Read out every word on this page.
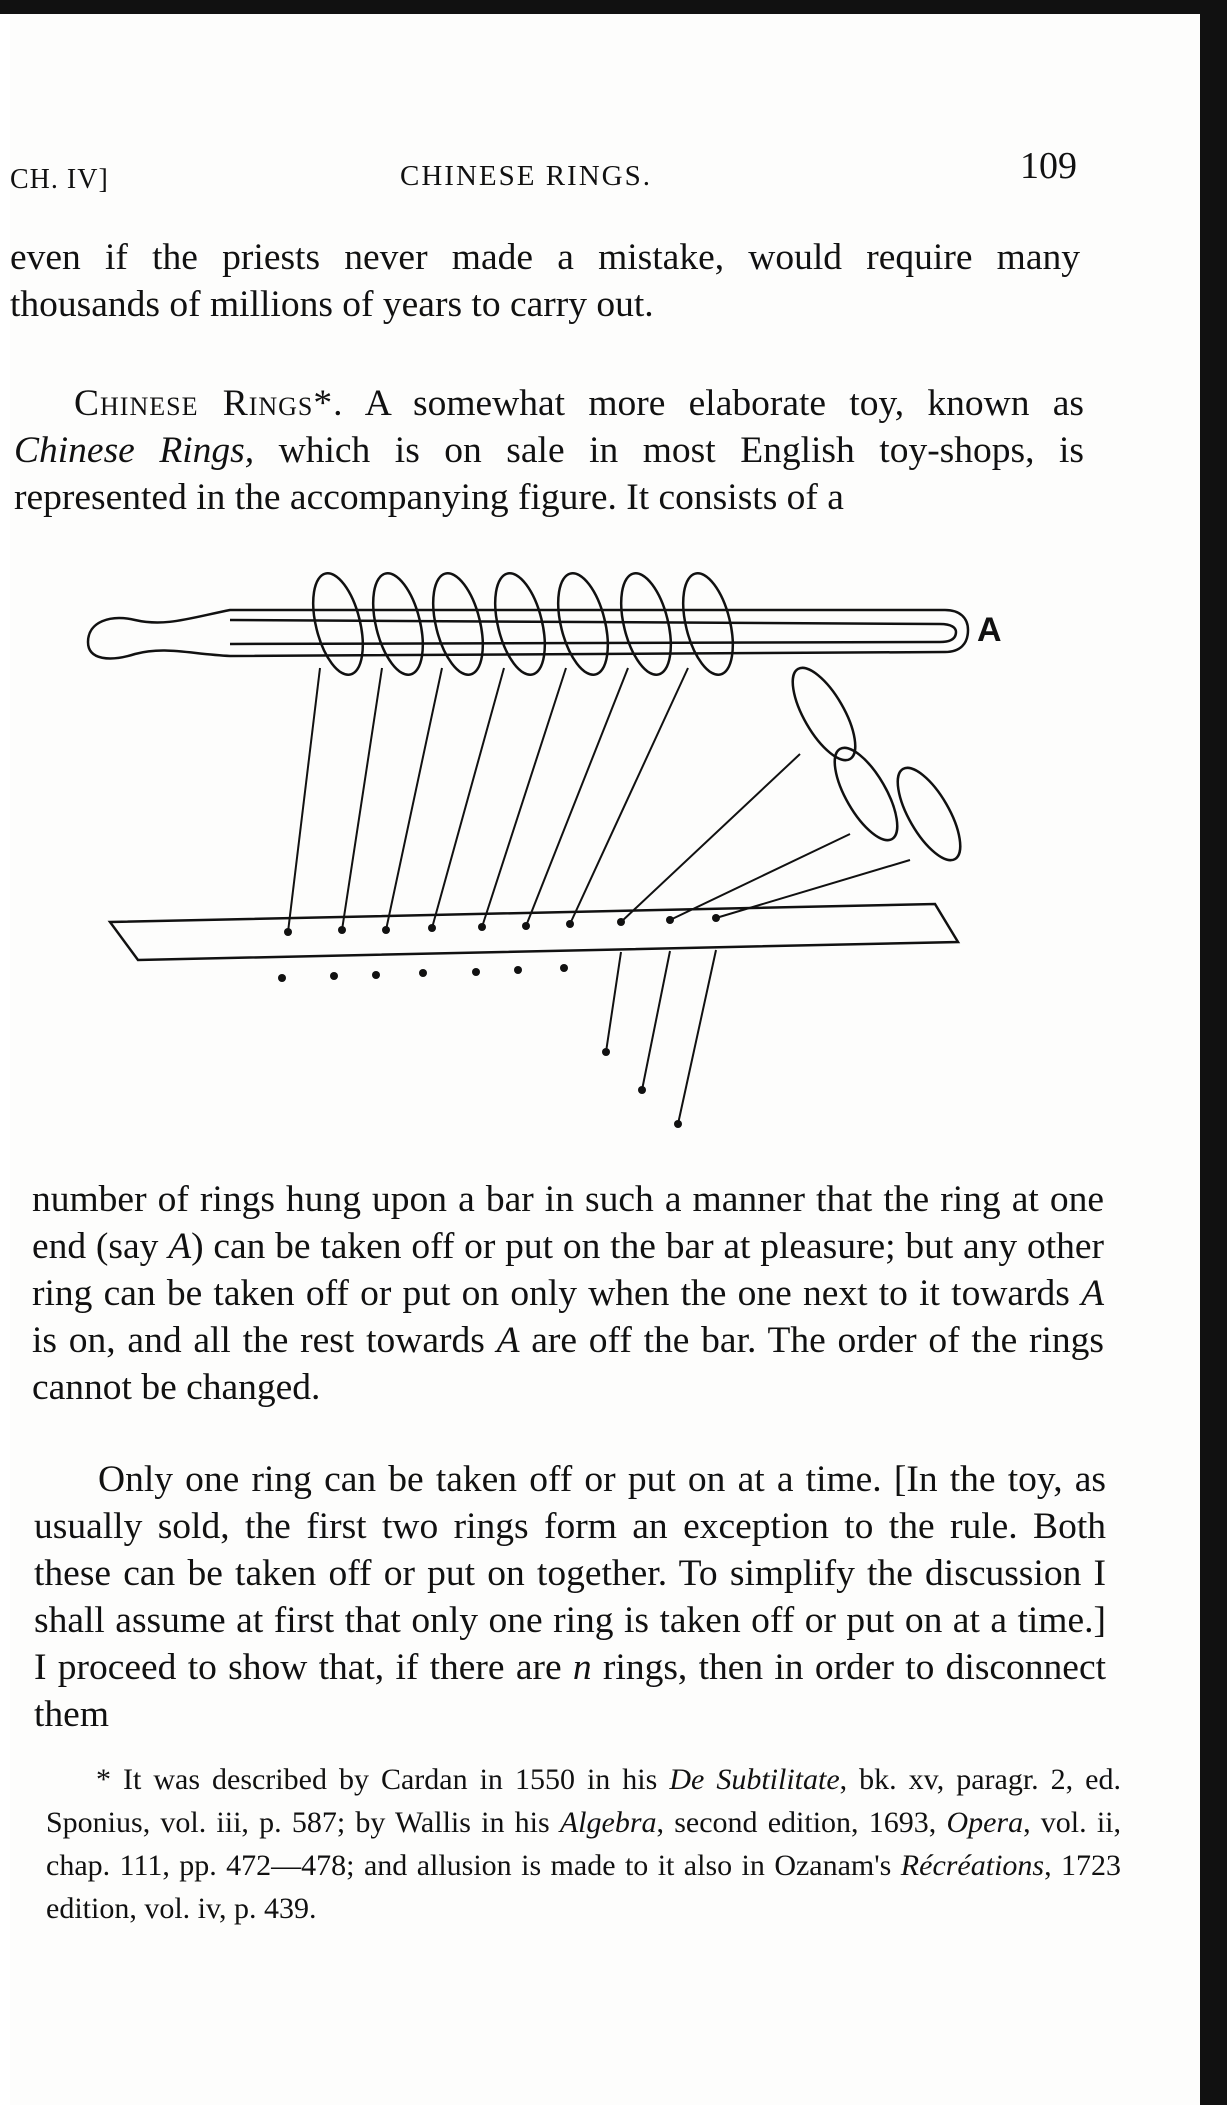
CH. IV]	CHINESE RINGS.	109

even if the priests never made a mistake, would require many thousands of millions of years to carry out.

Chinese Rings*. A somewhat more elaborate toy, known as Chinese Rings, which is on sale in most English toy-shops, is represented in the accompanying figure. It consists of a

A

number of rings hung upon a bar in such a manner that the ring at one end (say A) can be taken off or put on the bar at pleasure; but any other ring can be taken off or put on only when the one next to it towards A is on, and all the rest towards A are off the bar. The order of the rings cannot be changed.

Only one ring can be taken off or put on at a time. [In the toy, as usually sold, the first two rings form an exception to the rule. Both these can be taken off or put on together. To simplify the discussion I shall assume at first that only one ring is taken off or put on at a time.] I proceed to show that, if there are n rings, then in order to disconnect them

* It was described by Cardan in 1550 in his De Subtilitate, bk. xv, paragr. 2, ed. Sponius, vol. iii, p. 587; by Wallis in his Algebra, second edition, 1693, Opera, vol. ii, chap. 111, pp. 472—478; and allusion is made to it also in Ozanam's Récréations, 1723 edition, vol. iv, p. 439.
